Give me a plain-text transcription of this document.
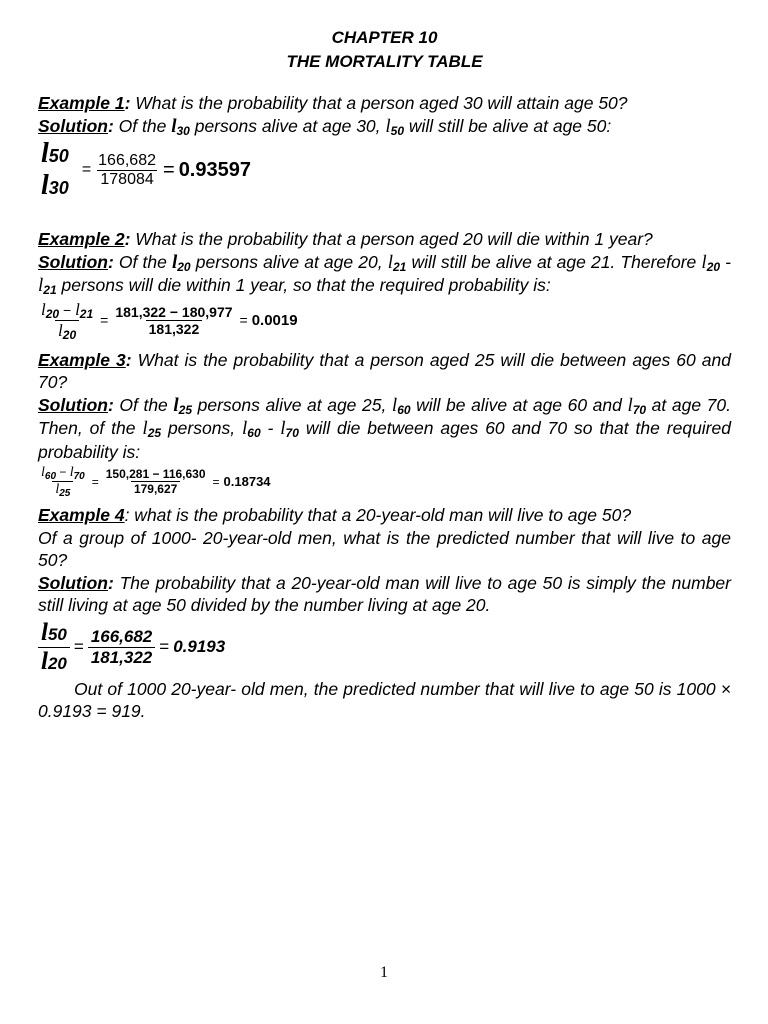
CHAPTER 10
THE MORTALITY TABLE

Example 1: What is the probability that a person aged 30 will attain age 50?

Solution: Of the $l_{30}$ persons alive at age 30, $l_{50}$ will still be alive at age 50:

l50
l30
= $\frac{166,682}{178084} = 0.93597$

Example 2: What is the probability that a person aged 20 will die within 1 year?

Solution: Of the $l_{20}$ persons alive at age 20, $l_{21}$ will still be alive at age 21. Therefore $l_{20} - l_{21}$ persons will die within 1 year, so that the required probability is:

$\frac{l_{20} - l_{21}}{l_{20}} = \frac{181,322 - 180,977}{181,322} = 0.0019$

Example 3: What is the probability that a person aged 25 will die between ages 60 and 70?

Solution: Of the $l_{25}$ persons alive at age 25, $l_{60}$ will be alive at age 60 and $l_{70}$ at age 70. Then, of the $l_{25}$ persons, $l_{60} - l_{70}$ will die between ages 60 and 70 so that the required probability is:

$\frac{l_{60} - l_{70}}{l_{25}} = \frac{150,281 - 116,630}{179,627} = 0.18734$

Example 4: what is the probability that a 20-year-old man will live to age 50?

Of a group of 1000- 20-year-old men, what is the predicted number that will live to age 50?

Solution: The probability that a 20-year-old man will live to age 50 is simply the number still living at age 50 divided by the number living at age 20.

$\frac{l50}{l20} = \frac{166,682}{181,322} = 0.9193$

Out of 1000 20-year- old men, the predicted number that will live to age 50 is 1000 × 0.9193 = 919.

1
